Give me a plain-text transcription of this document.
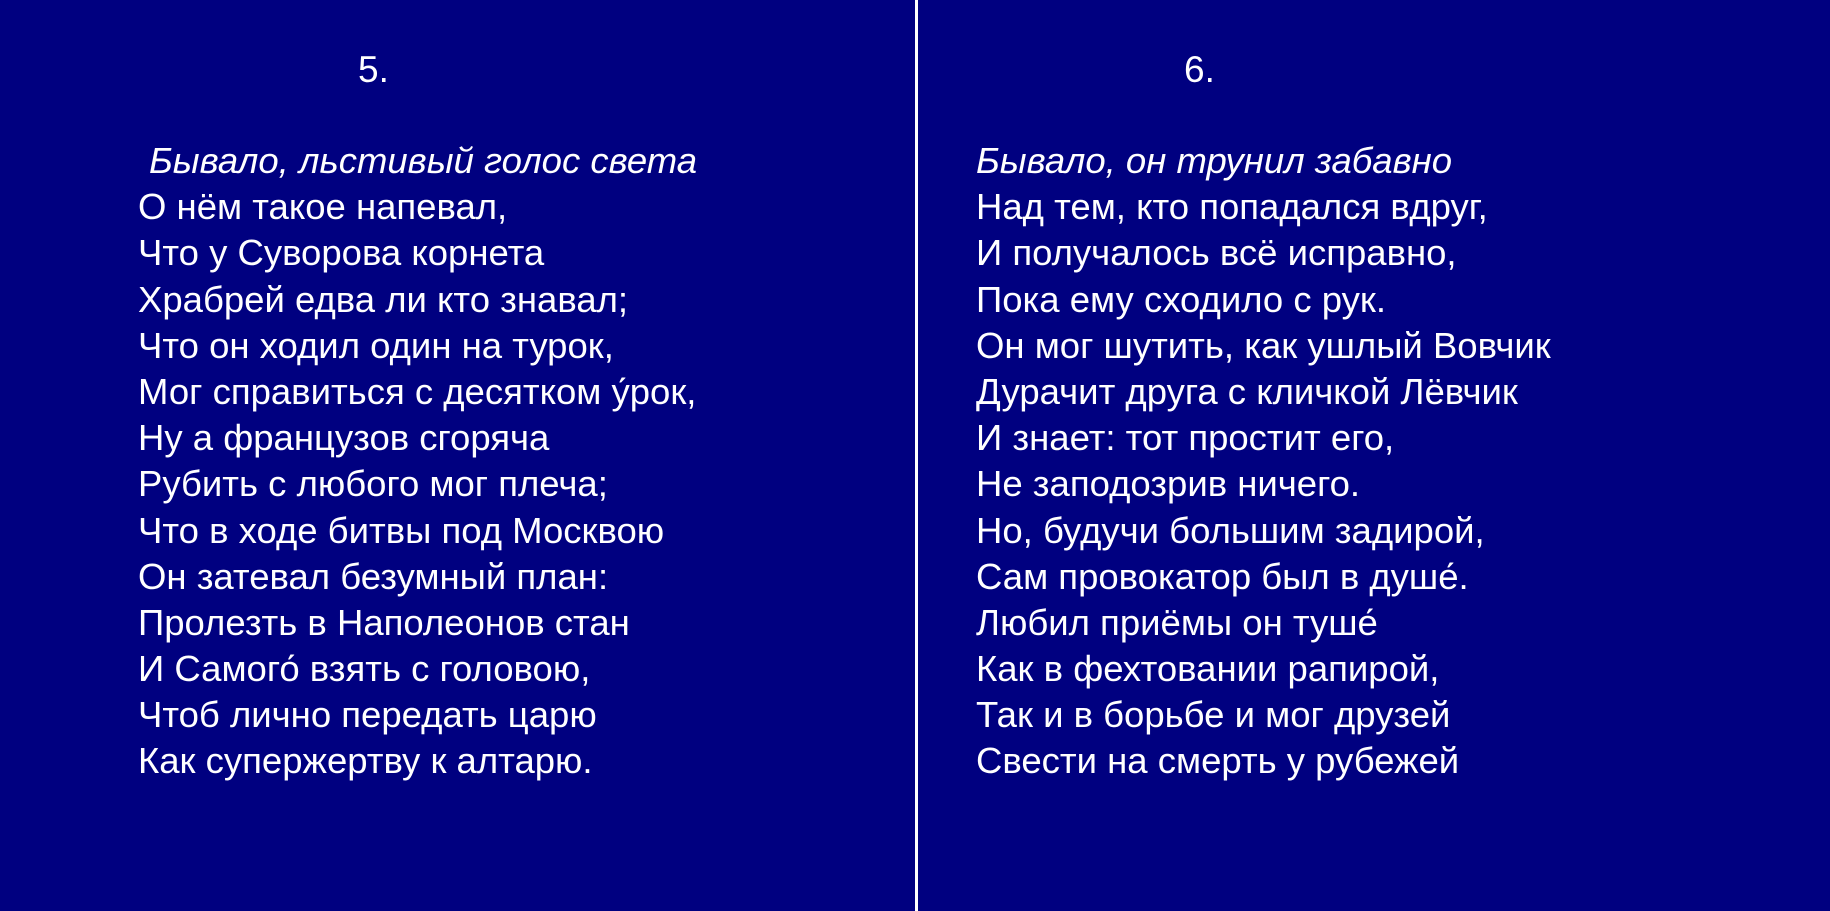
5.
Бывало, льстивый голос света
О нём такое напевал,
Что у Суворова корнета
Храбрей едва ли кто знавал;
Что он ходил один на турок,
Мог справиться с десятком у́рок,
Ну а французов сгоряча
Рубить с любого мог плеча;
Что в ходе битвы под Москвою
Он затевал безумный план:
Пролезть в Наполеонов стан
И Самого́ взять с головою,
Чтоб лично передать царю
Как супержертву к алтарю.
6.
Бывало, он трунил забавно
Над тем, кто попадался вдруг,
И получалось всё исправно,
Пока ему сходило с рук.
Он мог шутить, как ушлый Вовчик
Дурачит друга с кличкой Лёвчик
И знает: тот простит его,
Не заподозрив ничего.
Но, будучи большим задирой,
Сам провокатор был в душе́.
Любил приёмы он туше́
Как в фехтовании рапирой,
Так и в борьбе и мог друзей
Свести на смерть у рубежей
